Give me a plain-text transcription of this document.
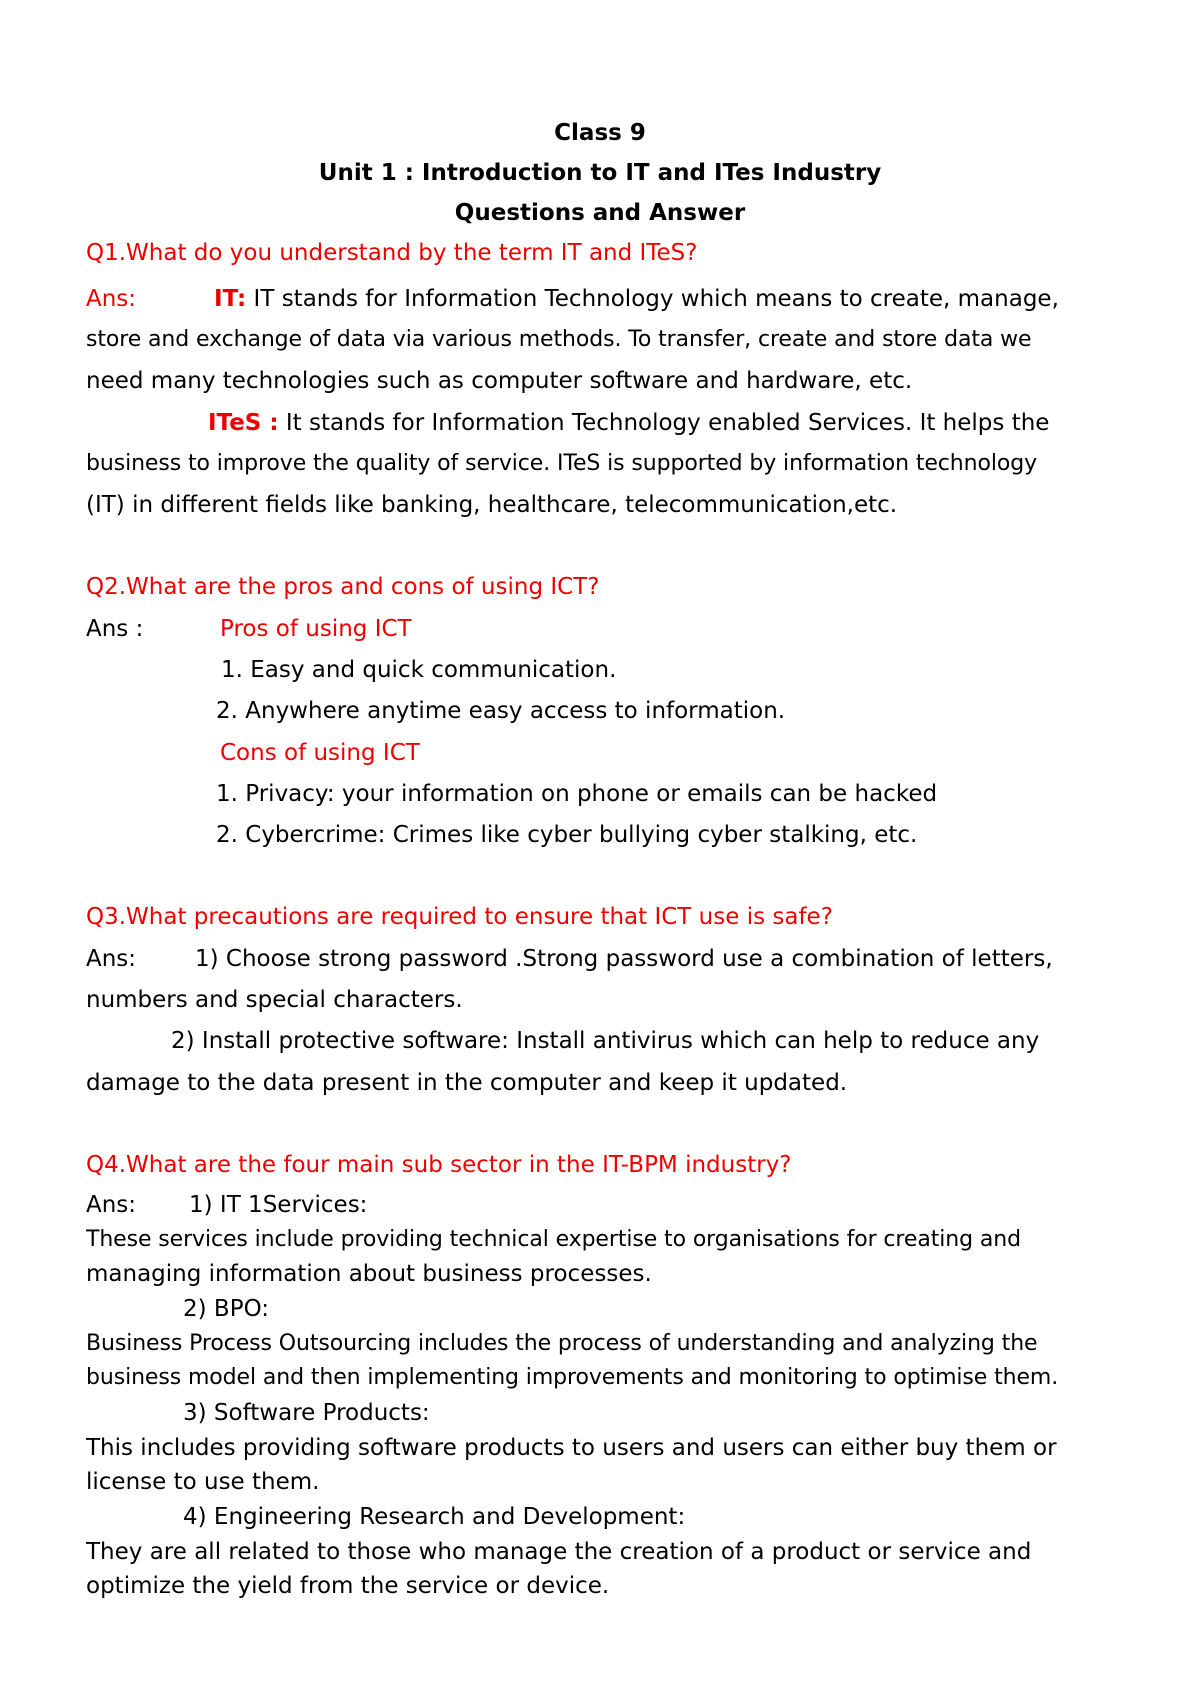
Class 9
Unit 1 : Introduction to IT and ITes Industry
Questions and Answer
Q1.What do you understand by the term IT and ITeS?
Ans:	IT: IT stands for Information Technology which means to create, manage,
store and exchange of data via various methods. To transfer, create and store data we
need many technologies such as computer software and hardware, etc.
ITeS : It stands for Information Technology enabled Services. It helps the
business to improve the quality of service. ITeS is supported by information technology
(IT) in different fields like banking, healthcare, telecommunication,etc.
Q2.What are the pros and cons of using ICT?
Ans :	Pros of using ICT
1. Easy and quick communication.
2. Anywhere anytime easy access to information.
Cons of using ICT
1. Privacy: your information on phone or emails can be hacked
2. Cybercrime: Crimes like cyber bullying cyber stalking, etc.
Q3.What precautions are required to ensure that ICT use is safe?
Ans:	1) Choose strong password .Strong password use a combination of letters,
numbers and special characters.
2) Install protective software: Install antivirus which can help to reduce any
damage to the data present in the computer and keep it updated.
Q4.What are the four main sub sector in the IT-BPM industry?
Ans: 1) IT 1Services:
These services include providing technical expertise to organisations for creating and
managing information about business processes.
2) BPO:
Business Process Outsourcing includes the process of understanding and analyzing the
business model and then implementing improvements and monitoring to optimise them.
3) Software Products:
This includes providing software products to users and users can either buy them or
license to use them.
4) Engineering Research and Development:
They are all related to those who manage the creation of a product or service and
optimize the yield from the service or device.
